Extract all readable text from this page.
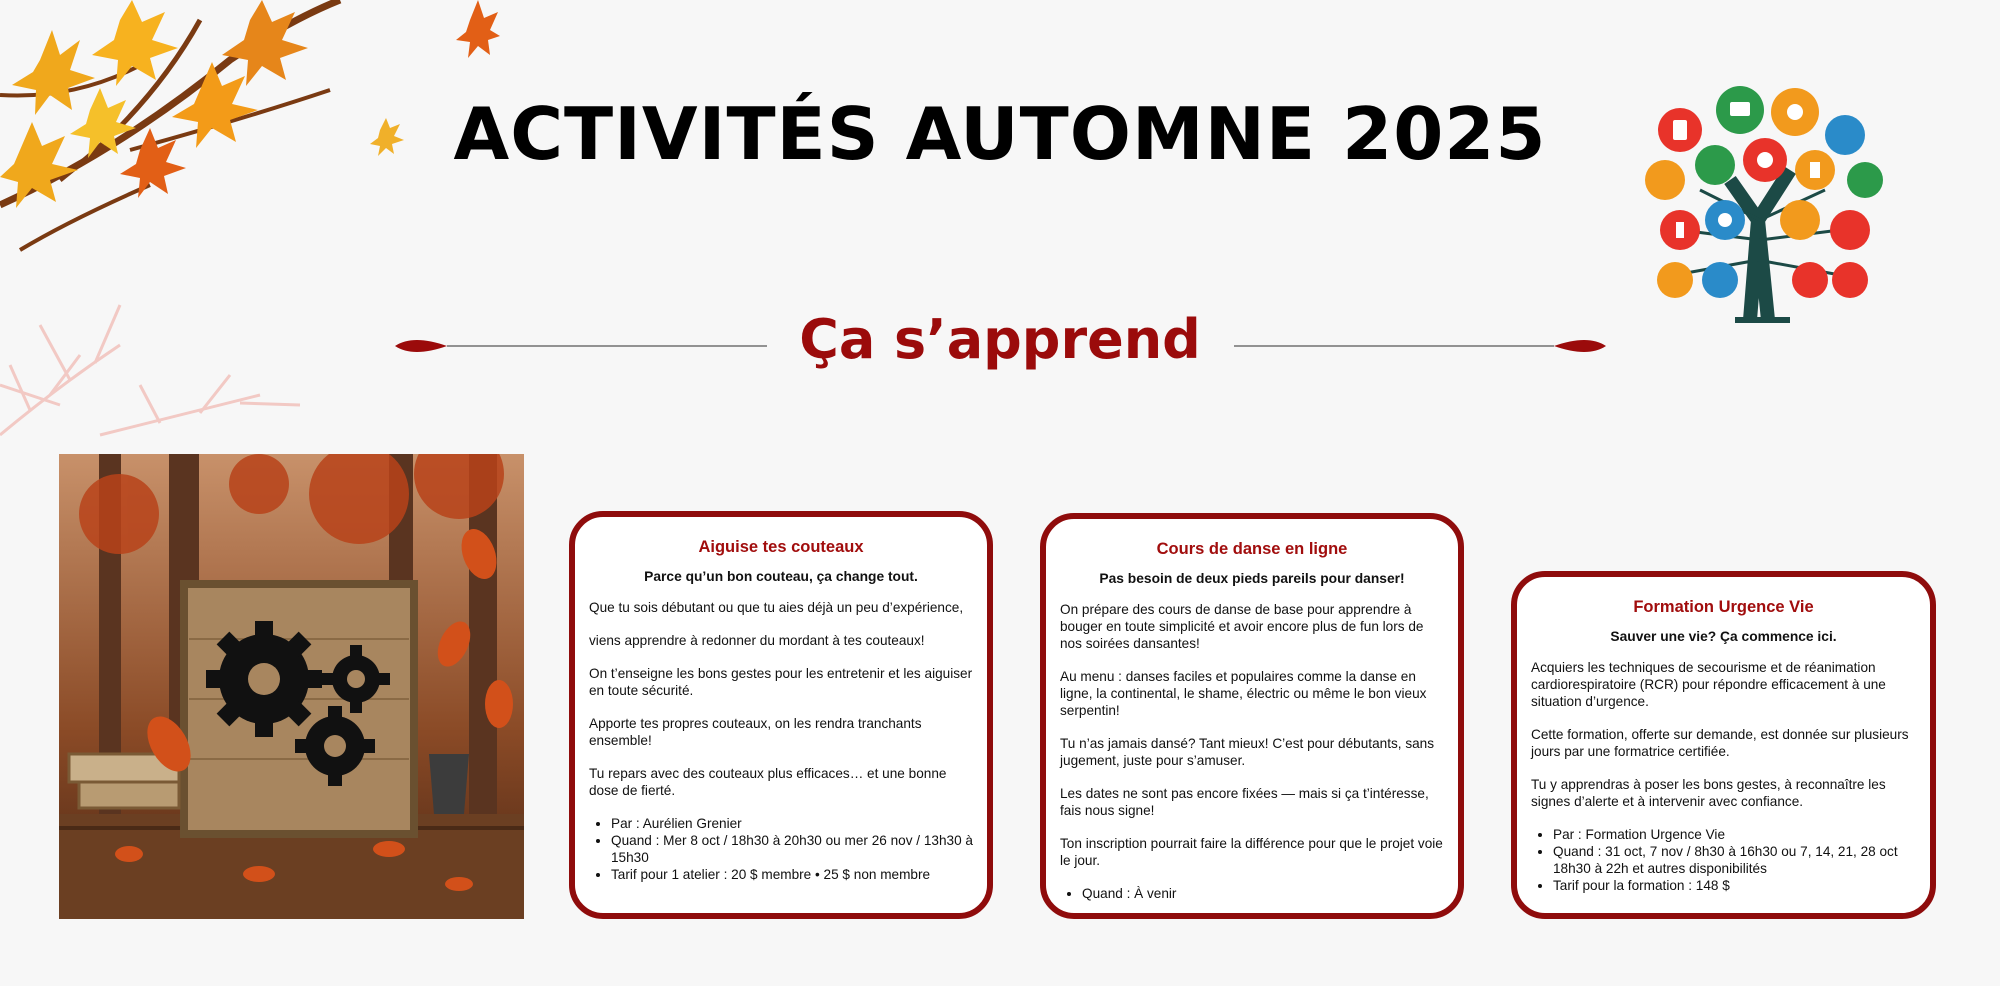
ACTIVITÉS AUTOMNE 2025
Ça s’apprend
Aiguise tes couteaux
Parce qu’un bon couteau, ça change tout.

Que tu sois débutant ou que tu aies déjà un peu d’expérience,

viens apprendre à redonner du mordant à tes couteaux!

On t’enseigne les bons gestes pour les entretenir et les aiguiser en toute sécurité.

Apporte tes propres couteaux, on les rendra tranchants ensemble!

Tu repars avec des couteaux plus efficaces… et une bonne dose de fierté.

• Par : Aurélien Grenier
• Quand : Mer 8 oct / 18h30 à 20h30 ou mer 26 nov / 13h30 à 15h30
• Tarif pour 1 atelier : 20 $ membre • 25 $ non membre
Cours de danse en ligne
Pas besoin de deux pieds pareils pour danser!

On prépare des cours de danse de base pour apprendre à bouger en toute simplicité et avoir encore plus de fun lors de nos soirées dansantes!

Au menu : danses faciles et populaires comme la danse en ligne, la continental, le shame, électric ou même le bon vieux serpentin!

Tu n’as jamais dansé? Tant mieux! C’est pour débutants, sans jugement, juste pour s’amuser.

Les dates ne sont pas encore fixées — mais si ça t’intéresse, fais nous signe!

Ton inscription pourrait faire la différence pour que le projet voie le jour.

• Quand : À venir
Formation Urgence Vie
Sauver une vie? Ça commence ici.

Acquiers les techniques de secourisme et de réanimation cardiorespiratoire (RCR) pour répondre efficacement à une situation d’urgence.

Cette formation, offerte sur demande, est donnée sur plusieurs jours par une formatrice certifiée.

Tu y apprendras à poser les bons gestes, à reconnaître les signes d’alerte et à intervenir avec confiance.

• Par : Formation Urgence Vie
• Quand : 31 oct, 7 nov / 8h30 à 16h30 ou 7, 14, 21, 28 oct 18h30 à 22h et autres disponibilités
• Tarif pour la formation : 148 $
